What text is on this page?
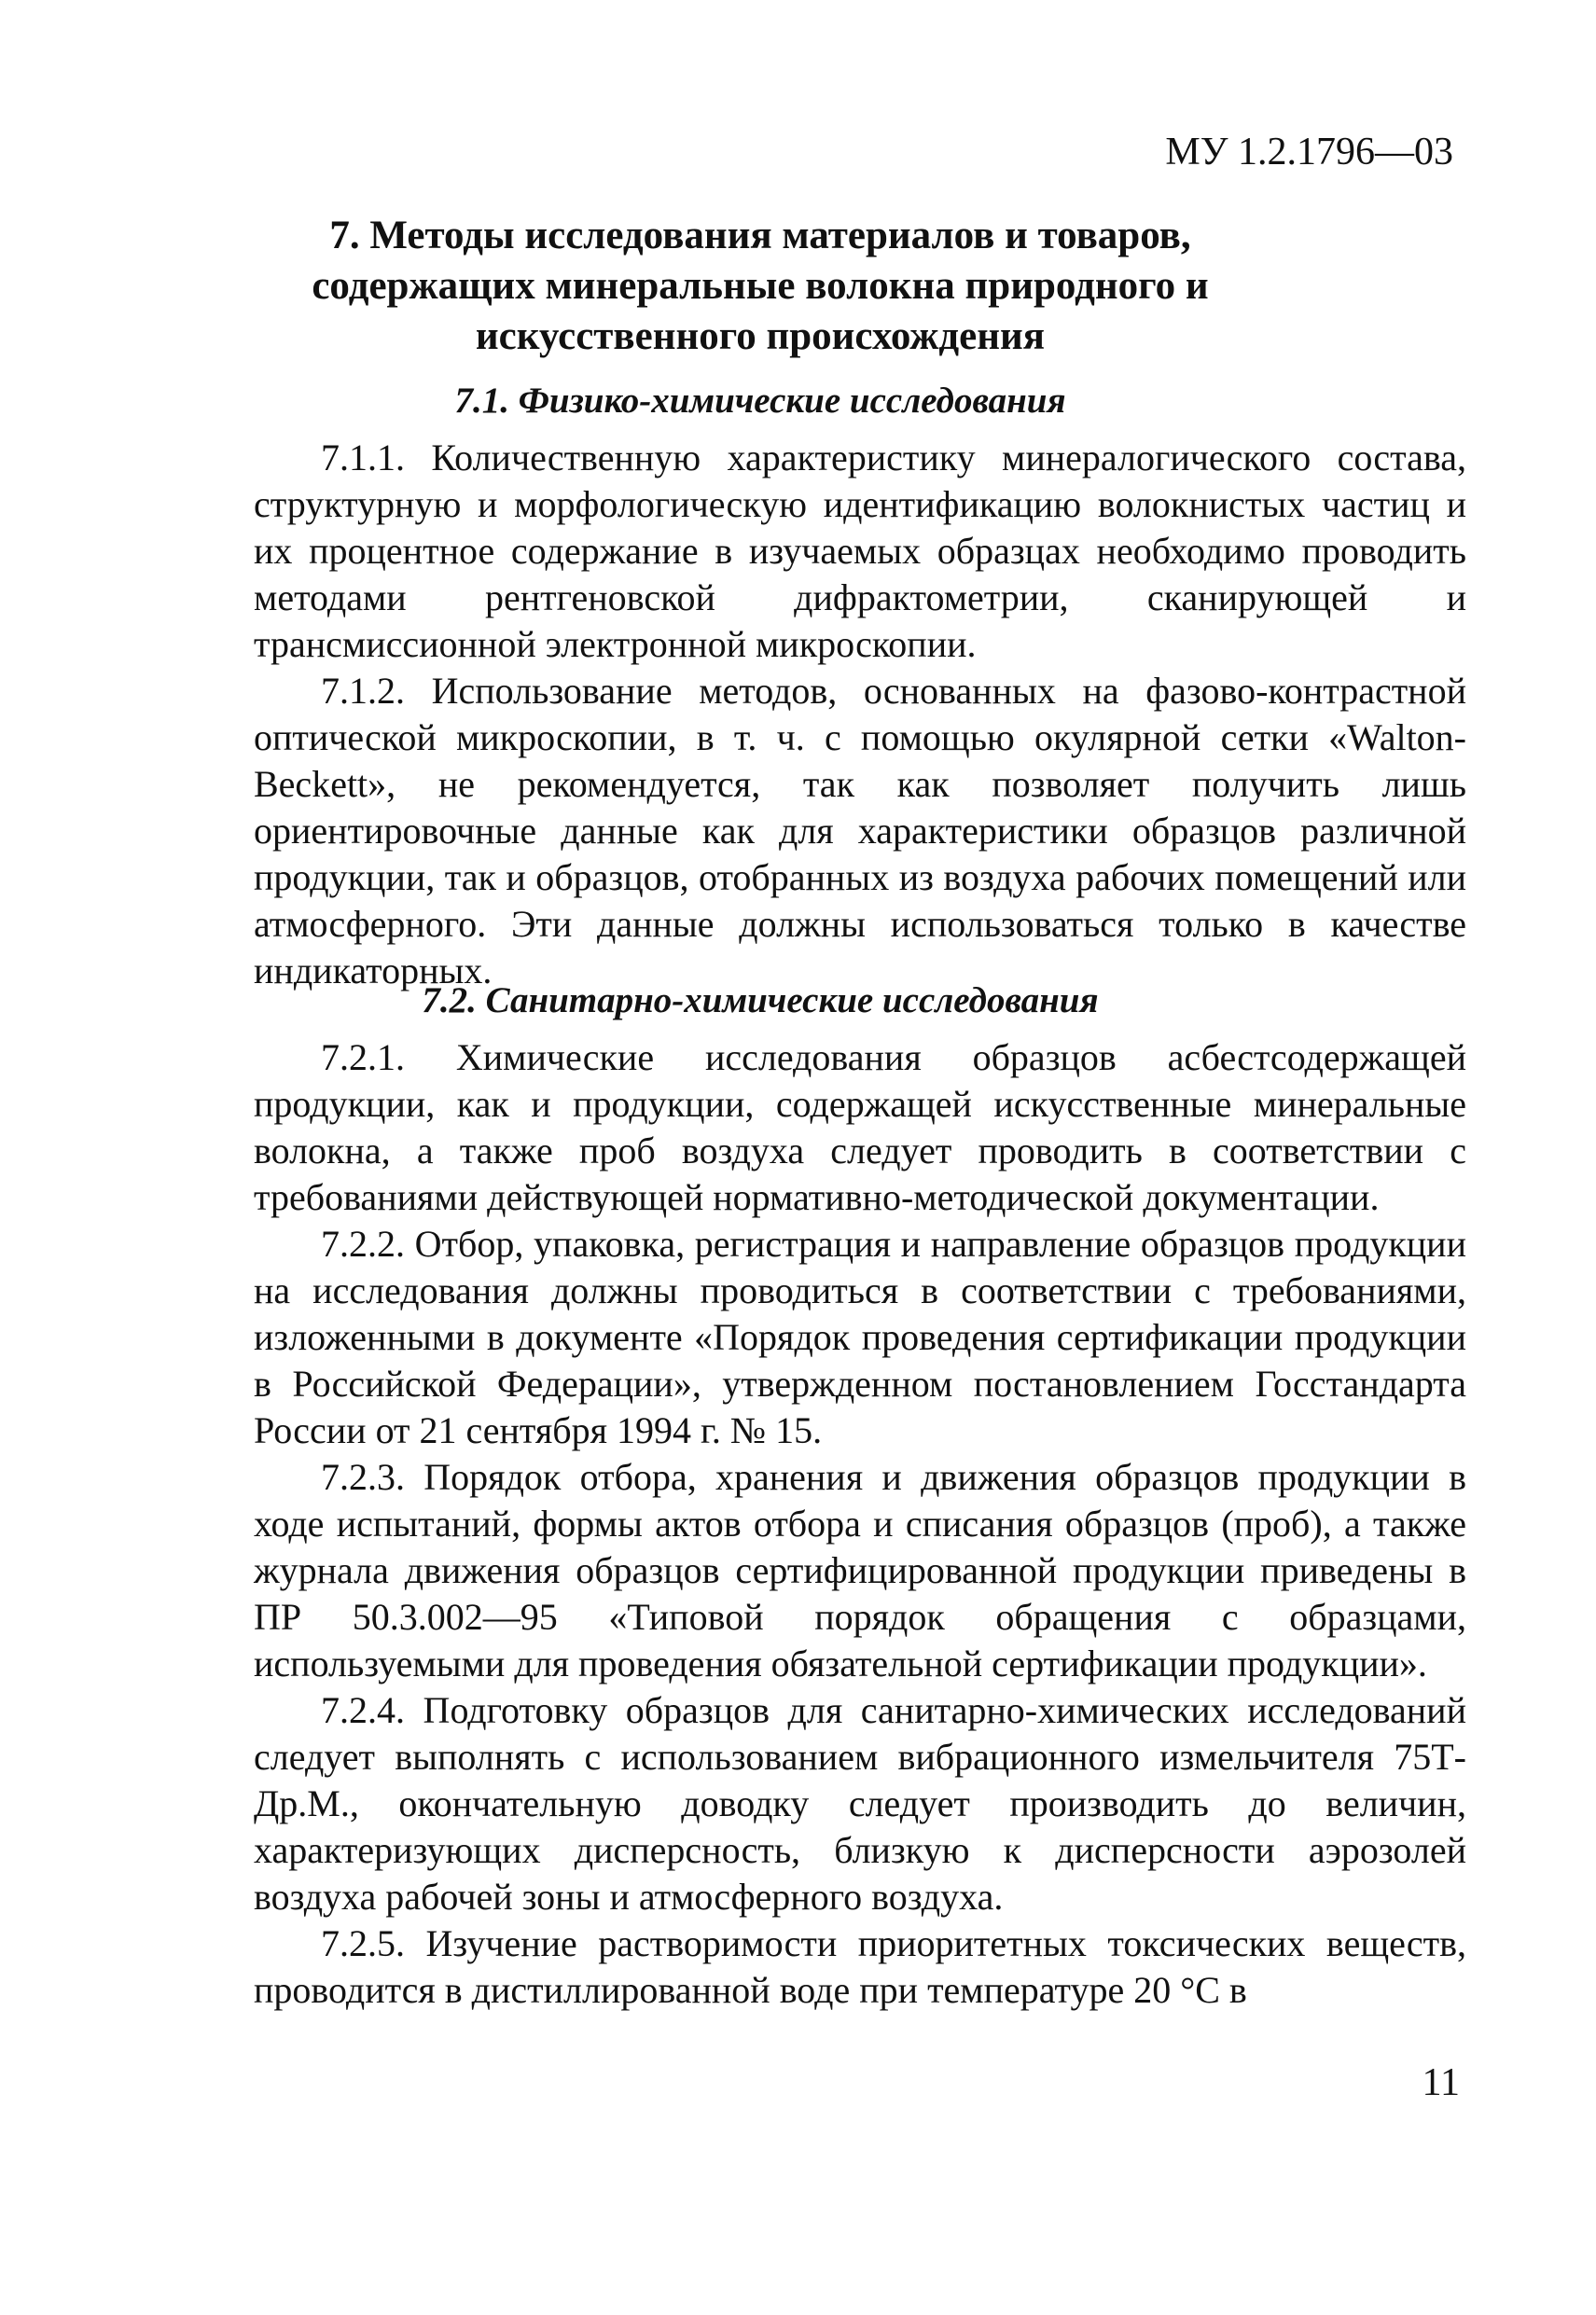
МУ 1.2.1796—03
7. Методы исследования материалов и товаров, содержащих минеральные волокна природного и искусственного происхождения
7.1. Физико-химические исследования

7.1.1. Количественную характеристику минералогического состава, структурную и морфологическую идентификацию волокнистых частиц и их процентное содержание в изучаемых образцах необходимо проводить методами рентгеновской дифрактометрии, сканирующей и трансмиссионной электронной микроскопии.

7.1.2. Использование методов, основанных на фазово-контрастной оптической микроскопии, в т. ч. с помощью окулярной сетки «Walton-Beckett», не рекомендуется, так как позволяет получить лишь ориентировочные данные как для характеристики образцов различной продукции, так и образцов, отобранных из воздуха рабочих помещений или атмосферного. Эти данные должны использоваться только в качестве индикаторных.

7.2. Санитарно-химические исследования

7.2.1. Химические исследования образцов асбестсодержащей продукции, как и продукции, содержащей искусственные минеральные волокна, а также проб воздуха следует проводить в соответствии с требованиями действующей нормативно-методической документации.

7.2.2. Отбор, упаковка, регистрация и направление образцов продукции на исследования должны проводиться в соответствии с требованиями, изложенными в документе «Порядок проведения сертификации продукции в Российской Федерации», утвержденном постановлением Госстандарта России от 21 сентября 1994 г. № 15.

7.2.3. Порядок отбора, хранения и движения образцов продукции в ходе испытаний, формы актов отбора и списания образцов (проб), а также журнала движения образцов сертифицированной продукции приведены в ПР 50.3.002—95 «Типовой порядок обращения с образцами, используемыми для проведения обязательной сертификации продукции».

7.2.4. Подготовку образцов для санитарно-химических исследований следует выполнять с использованием вибрационного измельчителя 75Т-Др.М., окончательную доводку следует производить до величин, характеризующих дисперсность, близкую к дисперсности аэрозолей воздуха рабочей зоны и атмосферного воздуха.

7.2.5. Изучение растворимости приоритетных токсических веществ, проводится в дистиллированной воде при температуре 20 °С в

11
